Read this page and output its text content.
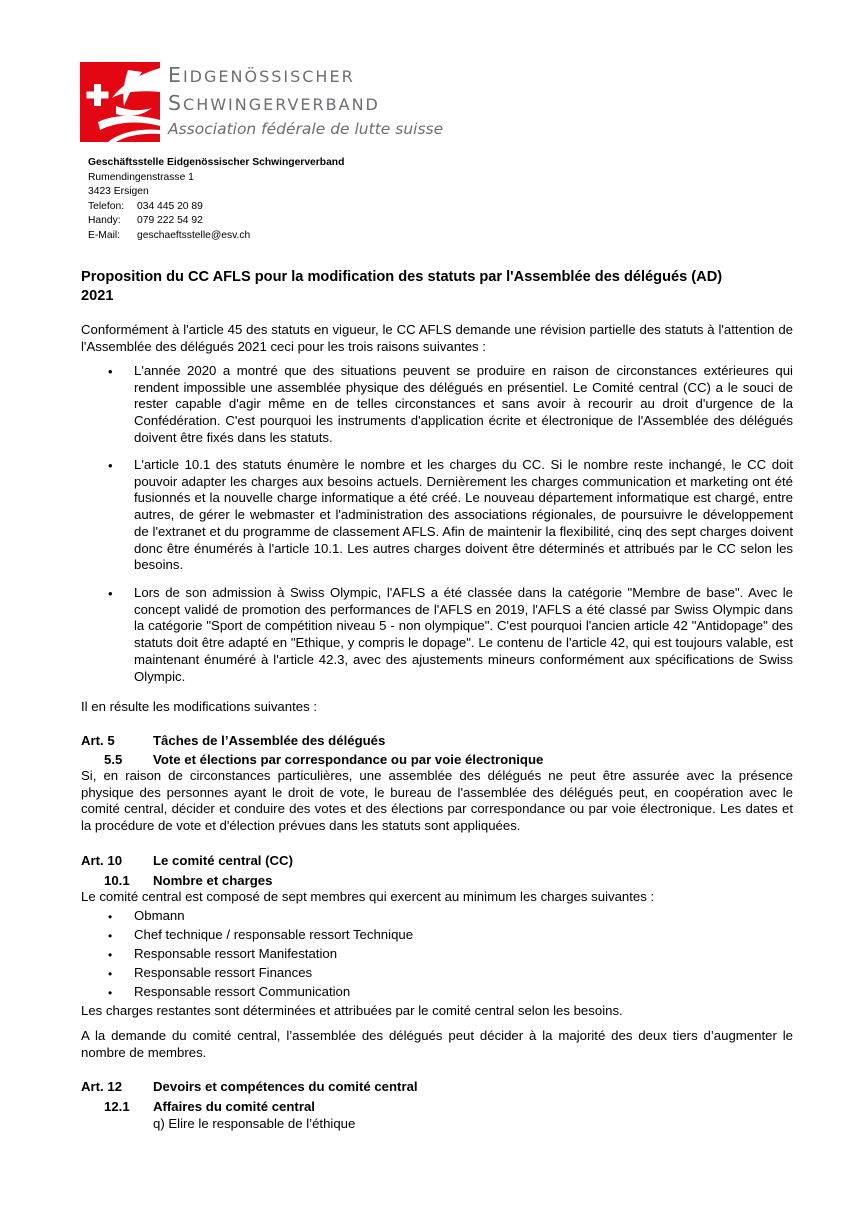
EIDGENÖSSISCHER
SCHWINGERVERBAND
Association fédérale de lutte suisse
Geschäftsstelle Eidgenössischer Schwingerverband
Rumendingenstrasse 1
3423 Ersigen
Telefon: 034 445 20 89
Handy: 079 222 54 92
E-Mail: geschaeftsstelle@esv.ch
Proposition du CC AFLS pour la modification des statuts par l'Assemblée des délégués (AD)
2021
Conformément à l'article 45 des statuts en vigueur, le CC AFLS demande une révision partielle des statuts à l'attention de l'Assemblée des délégués 2021 ceci pour les trois raisons suivantes :
• L'année 2020 a montré que des situations peuvent se produire en raison de circonstances extérieures qui rendent impossible une assemblée physique des délégués en présentiel. Le Comité central (CC) a le souci de rester capable d'agir même en de telles circonstances et sans avoir à recourir au droit d'urgence de la Confédération. C'est pourquoi les instruments d'application écrite et électronique de l'Assemblée des délégués doivent être fixés dans les statuts.
• L'article 10.1 des statuts énumère le nombre et les charges du CC. Si le nombre reste inchangé, le CC doit pouvoir adapter les charges aux besoins actuels. Dernièrement les charges communication et marketing ont été fusionnés et la nouvelle charge informatique a été créé. Le nouveau département informatique est chargé, entre autres, de gérer le webmaster et l'administration des associations régionales, de poursuivre le développement de l'extranet et du programme de classement AFLS. Afin de maintenir la flexibilité, cinq des sept charges doivent donc être énumérés à l'article 10.1. Les autres charges doivent être déterminés et attribués par le CC selon les besoins.
• Lors de son admission à Swiss Olympic, l'AFLS a été classée dans la catégorie "Membre de base". Avec le concept validé de promotion des performances de l'AFLS en 2019, l'AFLS a été classé par Swiss Olympic dans la catégorie "Sport de compétition niveau 5 - non olympique". C'est pourquoi l'ancien article 42 "Antidopage" des statuts doit être adapté en "Ethique, y compris le dopage". Le contenu de l'article 42, qui est toujours valable, est maintenant énuméré à l'article 42.3, avec des ajustements mineurs conformément aux spécifications de Swiss Olympic.
Il en résulte les modifications suivantes :
Art. 5	Tâches de l’Assemblée des délégués
5.5 Vote et élections par correspondance ou par voie électronique
Si, en raison de circonstances particulières, une assemblée des délégués ne peut être assurée avec la présence physique des personnes ayant le droit de vote, le bureau de l'assemblée des délégués peut, en coopération avec le comité central, décider et conduire des votes et des élections par correspondance ou par voie électronique. Les dates et la procédure de vote et d'élection prévues dans les statuts sont appliquées.
Art. 10 Le comité central (CC)
10.1 Nombre et charges
Le comité central est composé de sept membres qui exercent au minimum les charges suivantes :
• Obmann
• Chef technique / responsable ressort Technique
• Responsable ressort Manifestation
• Responsable ressort Finances
• Responsable ressort Communication
Les charges restantes sont déterminées et attribuées par le comité central selon les besoins.
A la demande du comité central, l’assemblée des délégués peut décider à la majorité des deux tiers d’augmenter le nombre de membres.
Art. 12 Devoirs et compétences du comité central
12.1 Affaires du comité central
q) Elire le responsable de l’éthique
